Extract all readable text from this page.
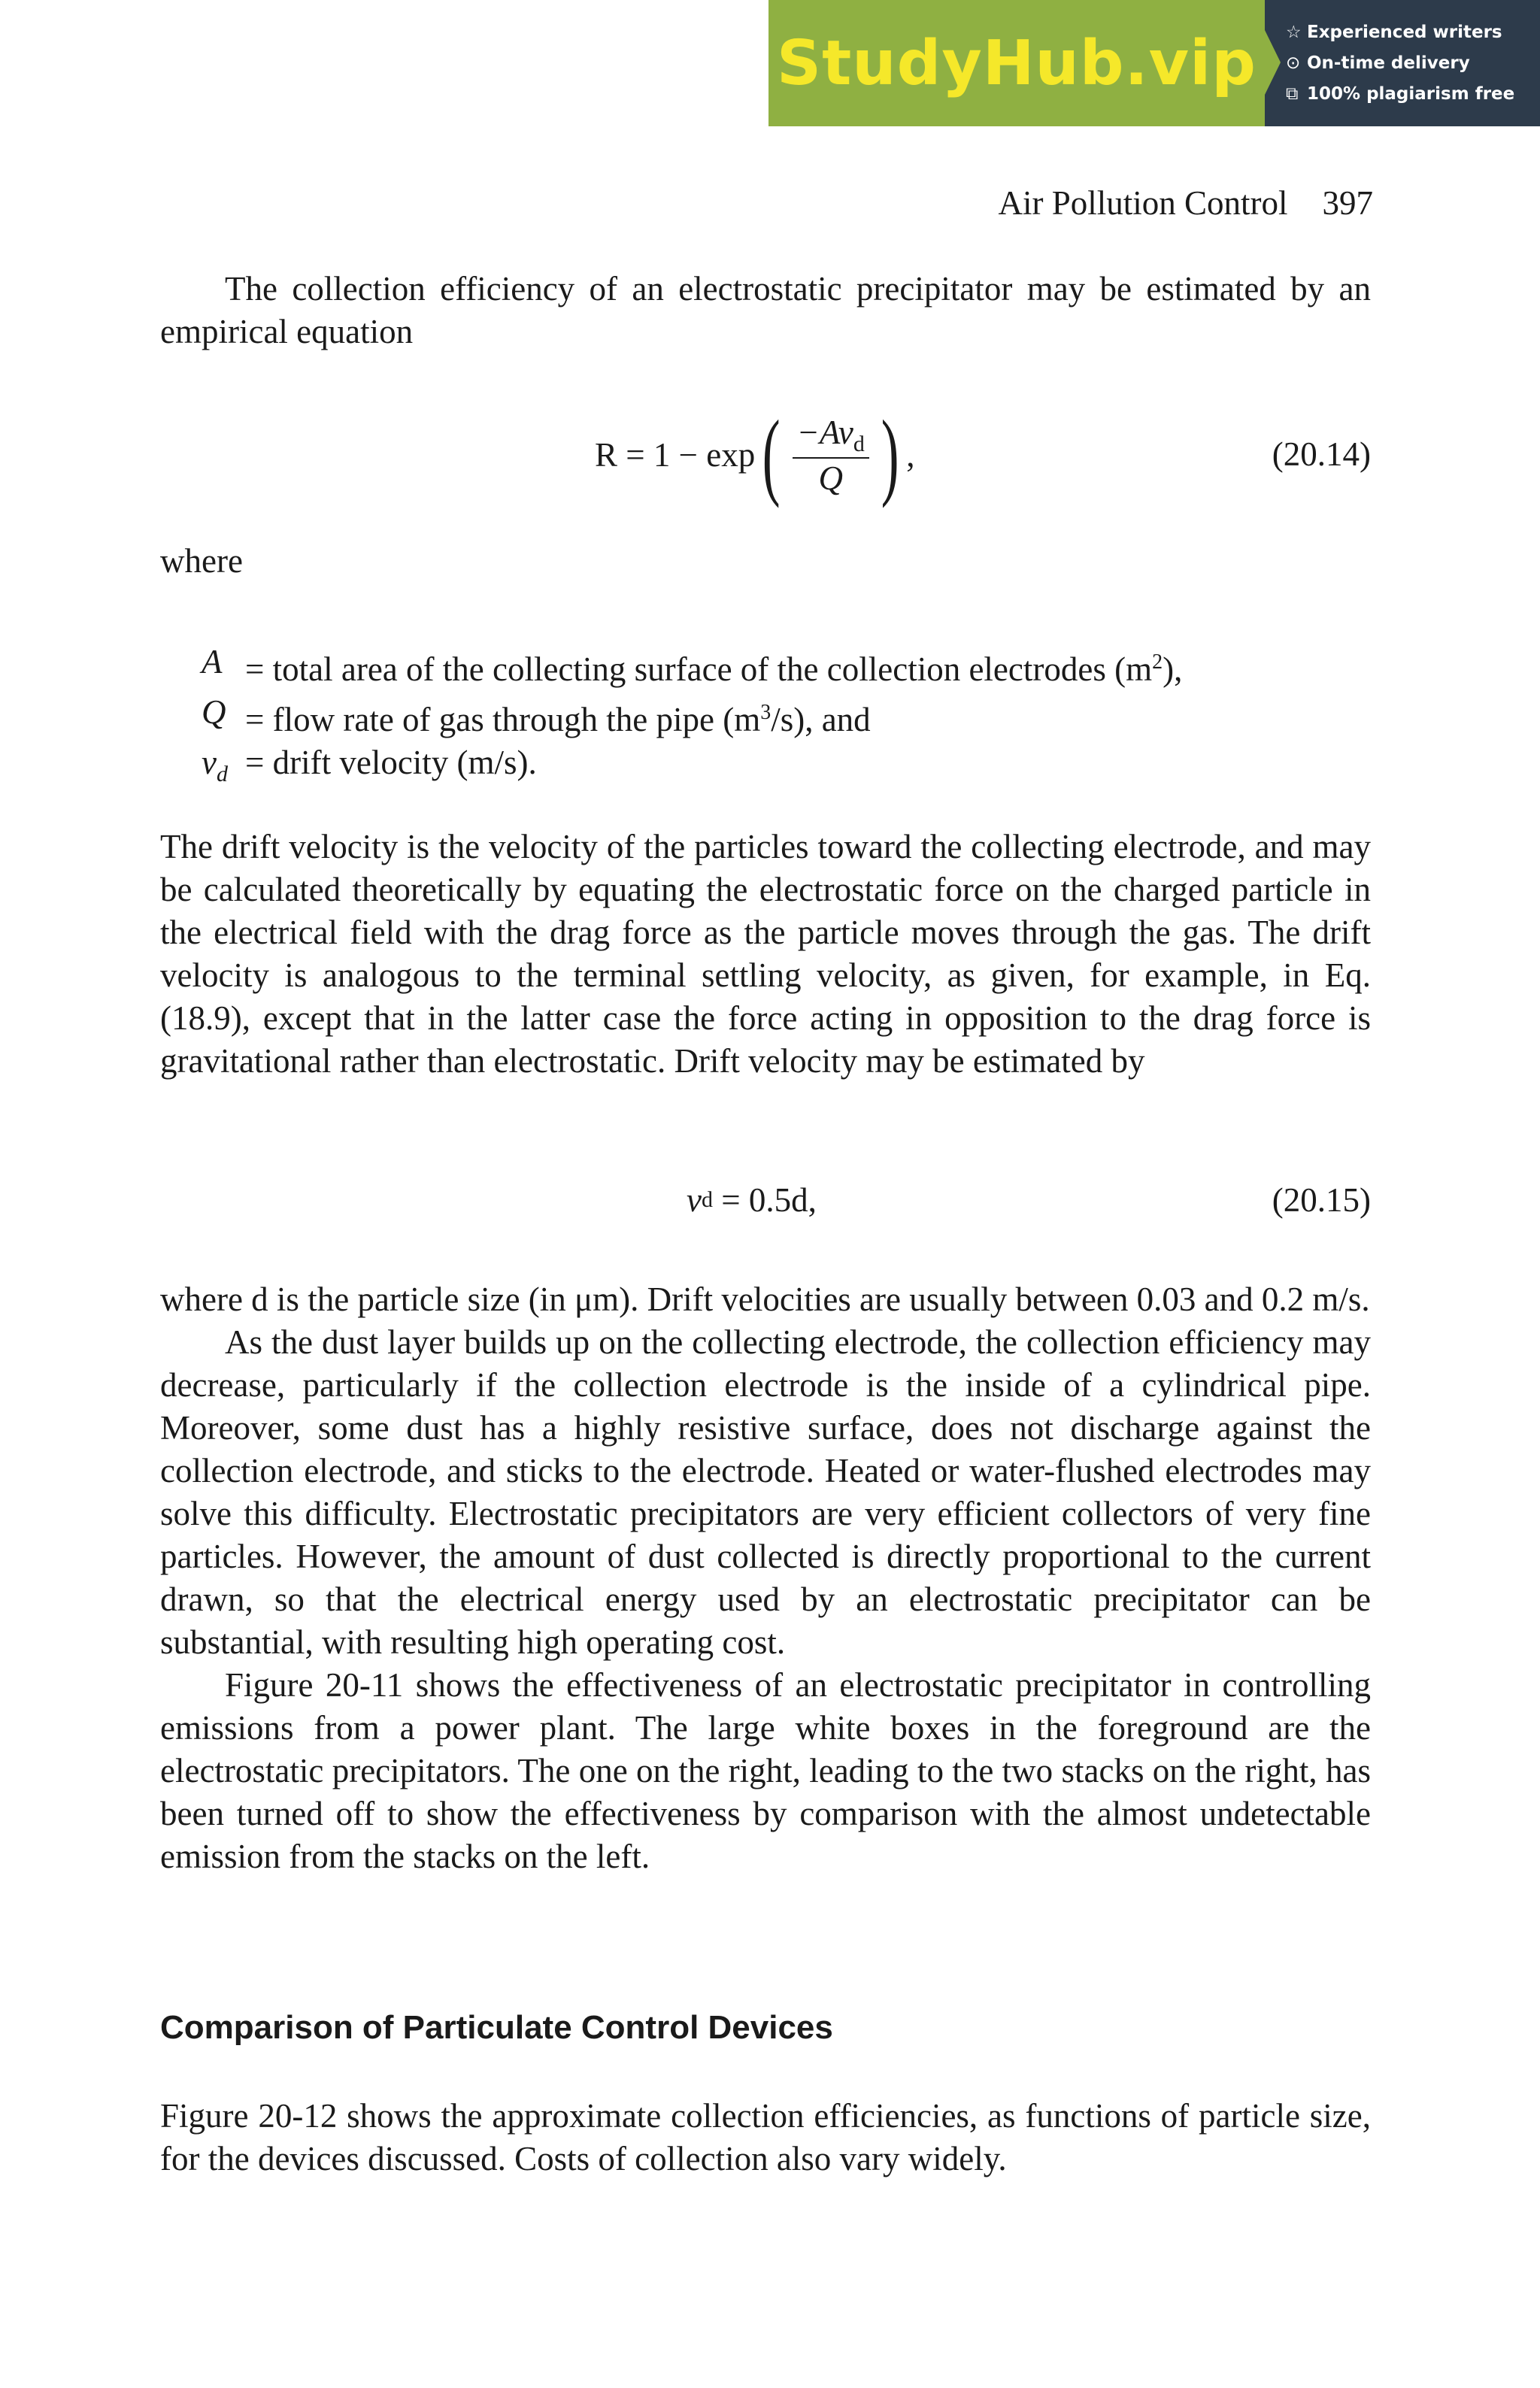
StudyHub.vip	☆ Experienced writers
⊙ On-time delivery
⧉ 100% plagiarism free
Air Pollution Control 397

The collection efficiency of an electrostatic precipitator may be estimated by an empirical equation

R = 1 − exp ( $\frac{-Av_d}{Q}$ ) ,	(20.14)

where

A = total area of the collecting surface of the collection electrodes $(m^2)$,
Q = flow rate of gas through the pipe $(m^3/s)$, and
$v_d$ = drift velocity (m/s).

The drift velocity is the velocity of the particles toward the collecting electrode, and may be calculated theoretically by equating the electrostatic force on the charged particle in the electrical field with the drag force as the particle moves through the gas. The drift velocity is analogous to the terminal settling velocity, as given, for example, in Eq. (18.9), except that in the latter case the force acting in opposition to the drag force is gravitational rather than electrostatic. Drift velocity may be estimated by

v d
= 0.5d,	(20.15)

where d is the particle size (in μm). Drift velocities are usually between 0.03 and 0.2 m/s.

As the dust layer builds up on the collecting electrode, the collection efficiency may decrease, particularly if the collection electrode is the inside of a cylindrical pipe. Moreover, some dust has a highly resistive surface, does not discharge against the collection electrode, and sticks to the electrode. Heated or water-flushed electrodes may solve this difficulty. Electrostatic precipitators are very efficient collectors of very fine particles. However, the amount of dust collected is directly proportional to the current drawn, so that the electrical energy used by an electrostatic precipitator can be substantial, with resulting high operating cost.

Figure 20-11 shows the effectiveness of an electrostatic precipitator in controlling emissions from a power plant. The large white boxes in the foreground are the electrostatic precipitators. The one on the right, leading to the two stacks on the right, has been turned off to show the effectiveness by comparison with the almost undetectable emission from the stacks on the left.

Comparison of Particulate Control Devices

Figure 20-12 shows the approximate collection efficiencies, as functions of particle size, for the devices discussed. Costs of collection also vary widely.
